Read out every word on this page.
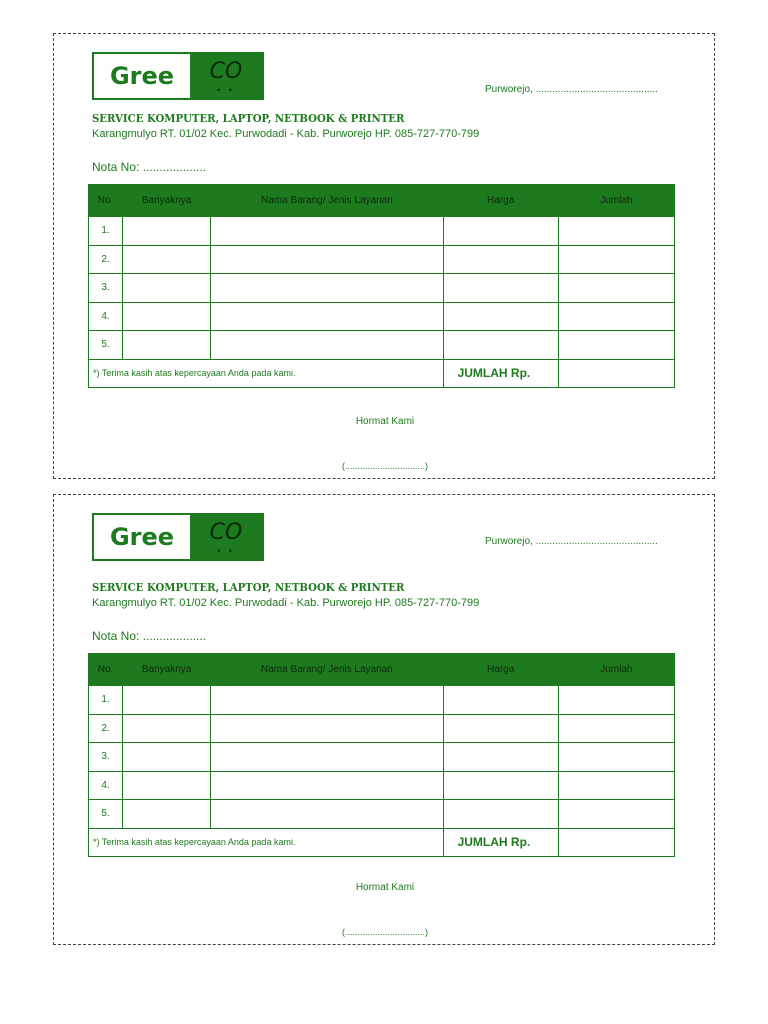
Gree	CO
• •	Purworejo, ............................................
SERVICE KOMPUTER, LAPTOP, NETBOOK & PRINTER
Karangmulyo RT. 01/02 Kec. Purwodadi - Kab. Purworejo HP. 085-727-770-799
Nota No: ...................
No.	Banyaknya	Nama Barang/ Jenis Layanan	Harga	Jumlah
1.				
2.				
3.				
4.				
5.				
*) Terima kasih atas kepercayaan Anda pada kami.			JUMLAH Rp.	
Hormat Kami
(................................)
Gree	CO
• •
Purworejo, ............................................
SERVICE KOMPUTER, LAPTOP, NETBOOK & PRINTER
Karangmulyo RT. 01/02 Kec. Purwodadi - Kab. Purworejo HP. 085-727-770-799
Nota No: ...................
No.	Banyaknya	Nama Barang/ Jenis Layanan	Harga	Jumlah
1.				
2.				
3.				
4.				
5.				
*) Terima kasih atas kepercayaan Anda pada kami.			JUMLAH Rp.	
Hormat Kami
(................................)
